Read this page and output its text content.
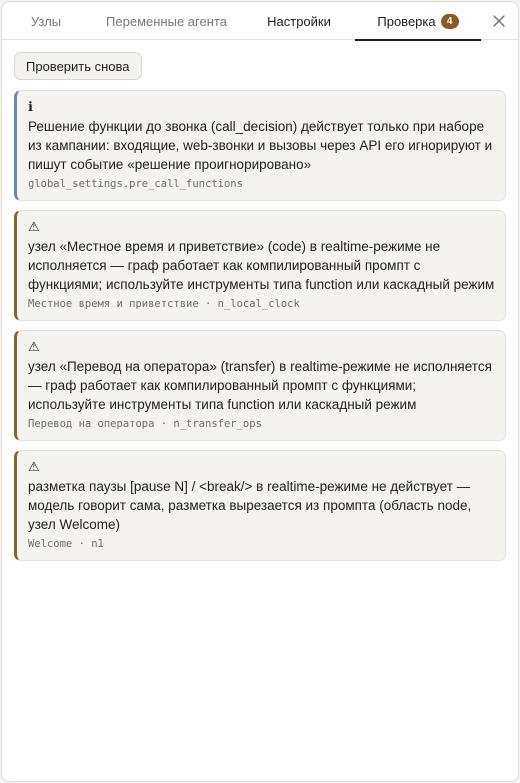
Узлы	Переменные агента	Настройки	Проверка	4
Проверить снова
ℹ
Решение функции до звонка (call_decision) действует только при наборе из кампании: входящие, web-звонки и вызовы через API его игнорируют и пишут событие «решение проигнорировано»
global_settings.pre_call_functions
⚠
узел «Местное время и приветствие» (code) в realtime-режиме не исполняется — граф работает как компилированный промпт с функциями; используйте инструменты типа function или каскадный режим
Местное время и приветствие · n_local_clock
⚠
узел «Перевод на оператора» (transfer) в realtime-режиме не исполняется — граф работает как компилированный промпт с функциями; используйте инструменты типа function или каскадный режим
Перевод на оператора · n_transfer_ops
⚠
разметка паузы [pause N] / <break/> в realtime-режиме не действует — модель говорит сама, разметка вырезается из промпта (область node, узел Welcome)
Welcome · n1
